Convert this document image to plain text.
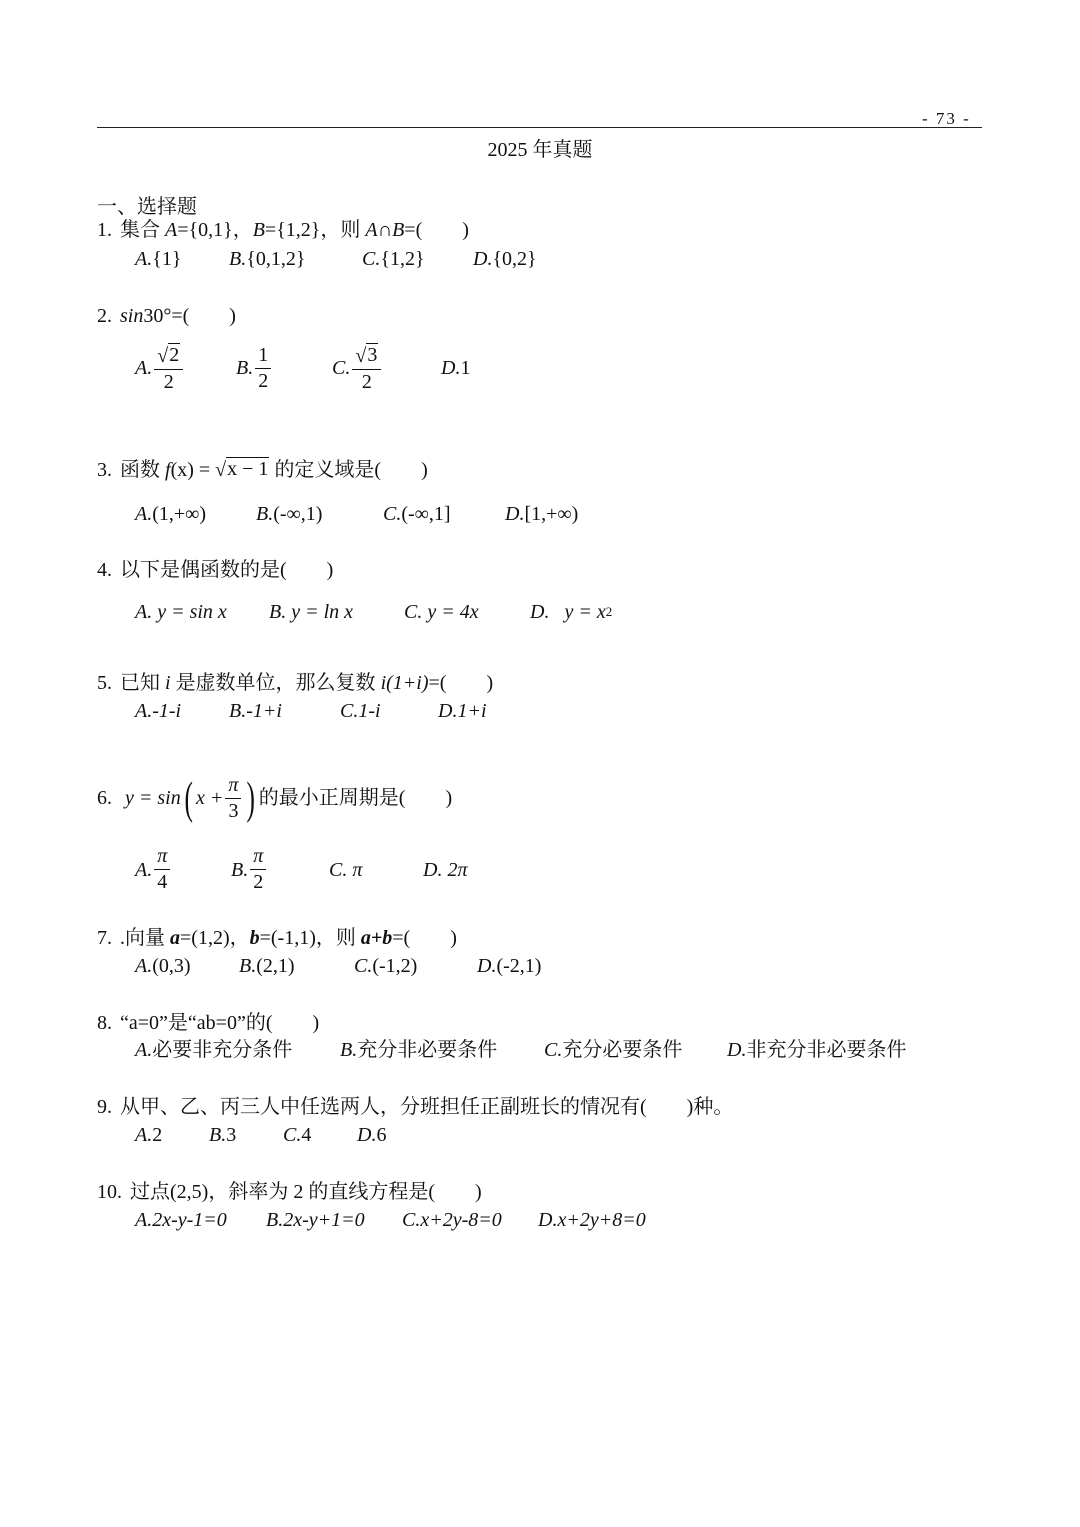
- 73 -
2025 年真题
一、选择题
1. 集合 A={0,1}，B={1,2}，则 A∩B=(　　)
A. {1} B. {0,1,2}	C. {1,2} D. {0,2}
2. sin30°=(　　)
A. $\frac{√ 2}{2}$	B. $\frac{1}{2}$	C. $\frac{√ 3}{2}$	D. 1
3. 函数 f(x) = √ x − 1 的定义域是(　　)
A. (1,+∞) B. (-∞,1)	C. (-∞,1]	D. [1,+∞)
4. 以下是偶函数的是(　　)
A.
y = sin x B.
y = ln x	C.
y = 4x	D.
y = x 2
5. 已知 i 是虚数单位，那么复数 i(1+i)=(　　)
A. -1-i B. -1+i	C. 1-i	D. 1+i
6.
y = sin ( $x + \frac{\pi}{3}$ ) 的最小正周期是(　　)
A. $\frac{\pi}{4}$	B. $\frac{\pi}{2}$	C.
π	D.
2π
7. .向量 a=(1,2)，b=(-1,1)，则 a+b=(　　)
A. (0,3) B. (2,1)	C. (-1,2)	D. (-2,1)
8. “a=0”是“ab=0”的(　　)
A. 必要非充分条件 B. 充分非必要条件 C. 充分必要条件 D. 非充分非必要条件
9. 从甲、乙、丙三人中任选两人，分班担任正副班长的情况有(　　)种。
A. 2 B. 3 C. 4 D. 6
10. 过点(2,5)，斜率为 2 的直线方程是(　　)
A. 2x-y-1=0 B. 2x-y+1=0 C. x+2y-8=0 D. x+2y+8=0
